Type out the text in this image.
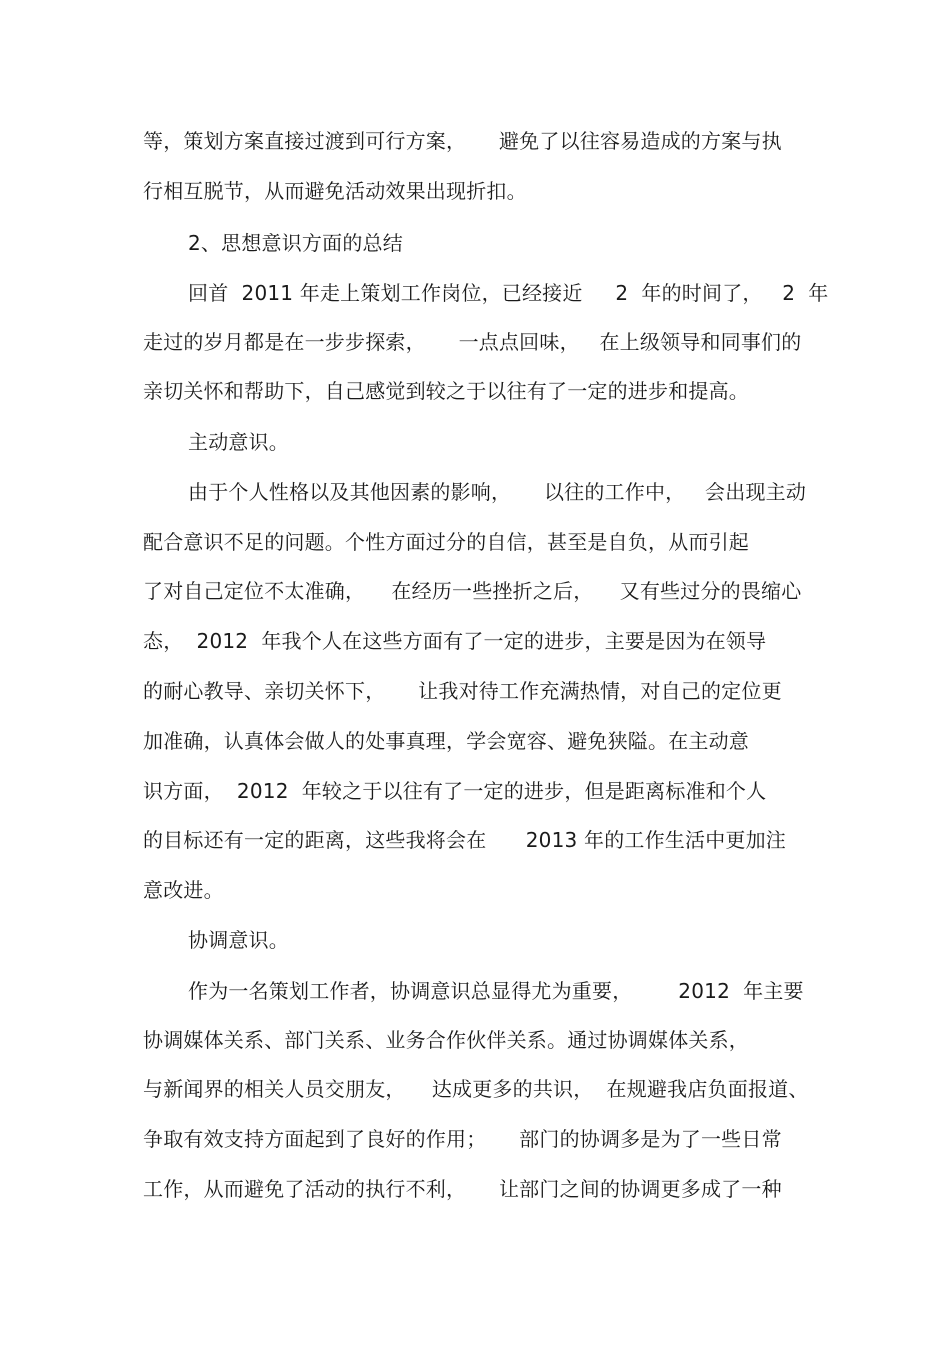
等，策划方案直接过渡到可行方案，     避免了以往容易造成的方案与执
行相互脱节，从而避免活动效果出现折扣。
2、思想意识方面的总结
回首  2011 年走上策划工作岗位，已经接近     2  年的时间了，   2  年
走过的岁月都是在一步步探索，     一点点回味，   在上级领导和同事们的
亲切关怀和帮助下，自己感觉到较之于以往有了一定的进步和提高。
主动意识。
由于个人性格以及其他因素的影响，     以往的工作中，   会出现主动
配合意识不足的问题。个性方面过分的自信，甚至是自负，从而引起
了对自己定位不太准确，    在经历一些挫折之后，    又有些过分的畏缩心
态，  2012  年我个人在这些方面有了一定的进步，主要是因为在领导
的耐心教导、亲切关怀下，     让我对待工作充满热情，对自己的定位更
加准确，认真体会做人的处事真理，学会宽容、避免狭隘。在主动意
识方面，  2012  年较之于以往有了一定的进步，但是距离标准和个人
的目标还有一定的距离，这些我将会在      2013 年的工作生活中更加注
意改进。
协调意识。
作为一名策划工作者，协调意识总显得尤为重要，       2012  年主要
协调媒体关系、部门关系、业务合作伙伴关系。通过协调媒体关系，
与新闻界的相关人员交朋友，    达成更多的共识，  在规避我店负面报道、
争取有效支持方面起到了良好的作用；     部门的协调多是为了一些日常
工作，从而避免了活动的执行不利，     让部门之间的协调更多成了一种
